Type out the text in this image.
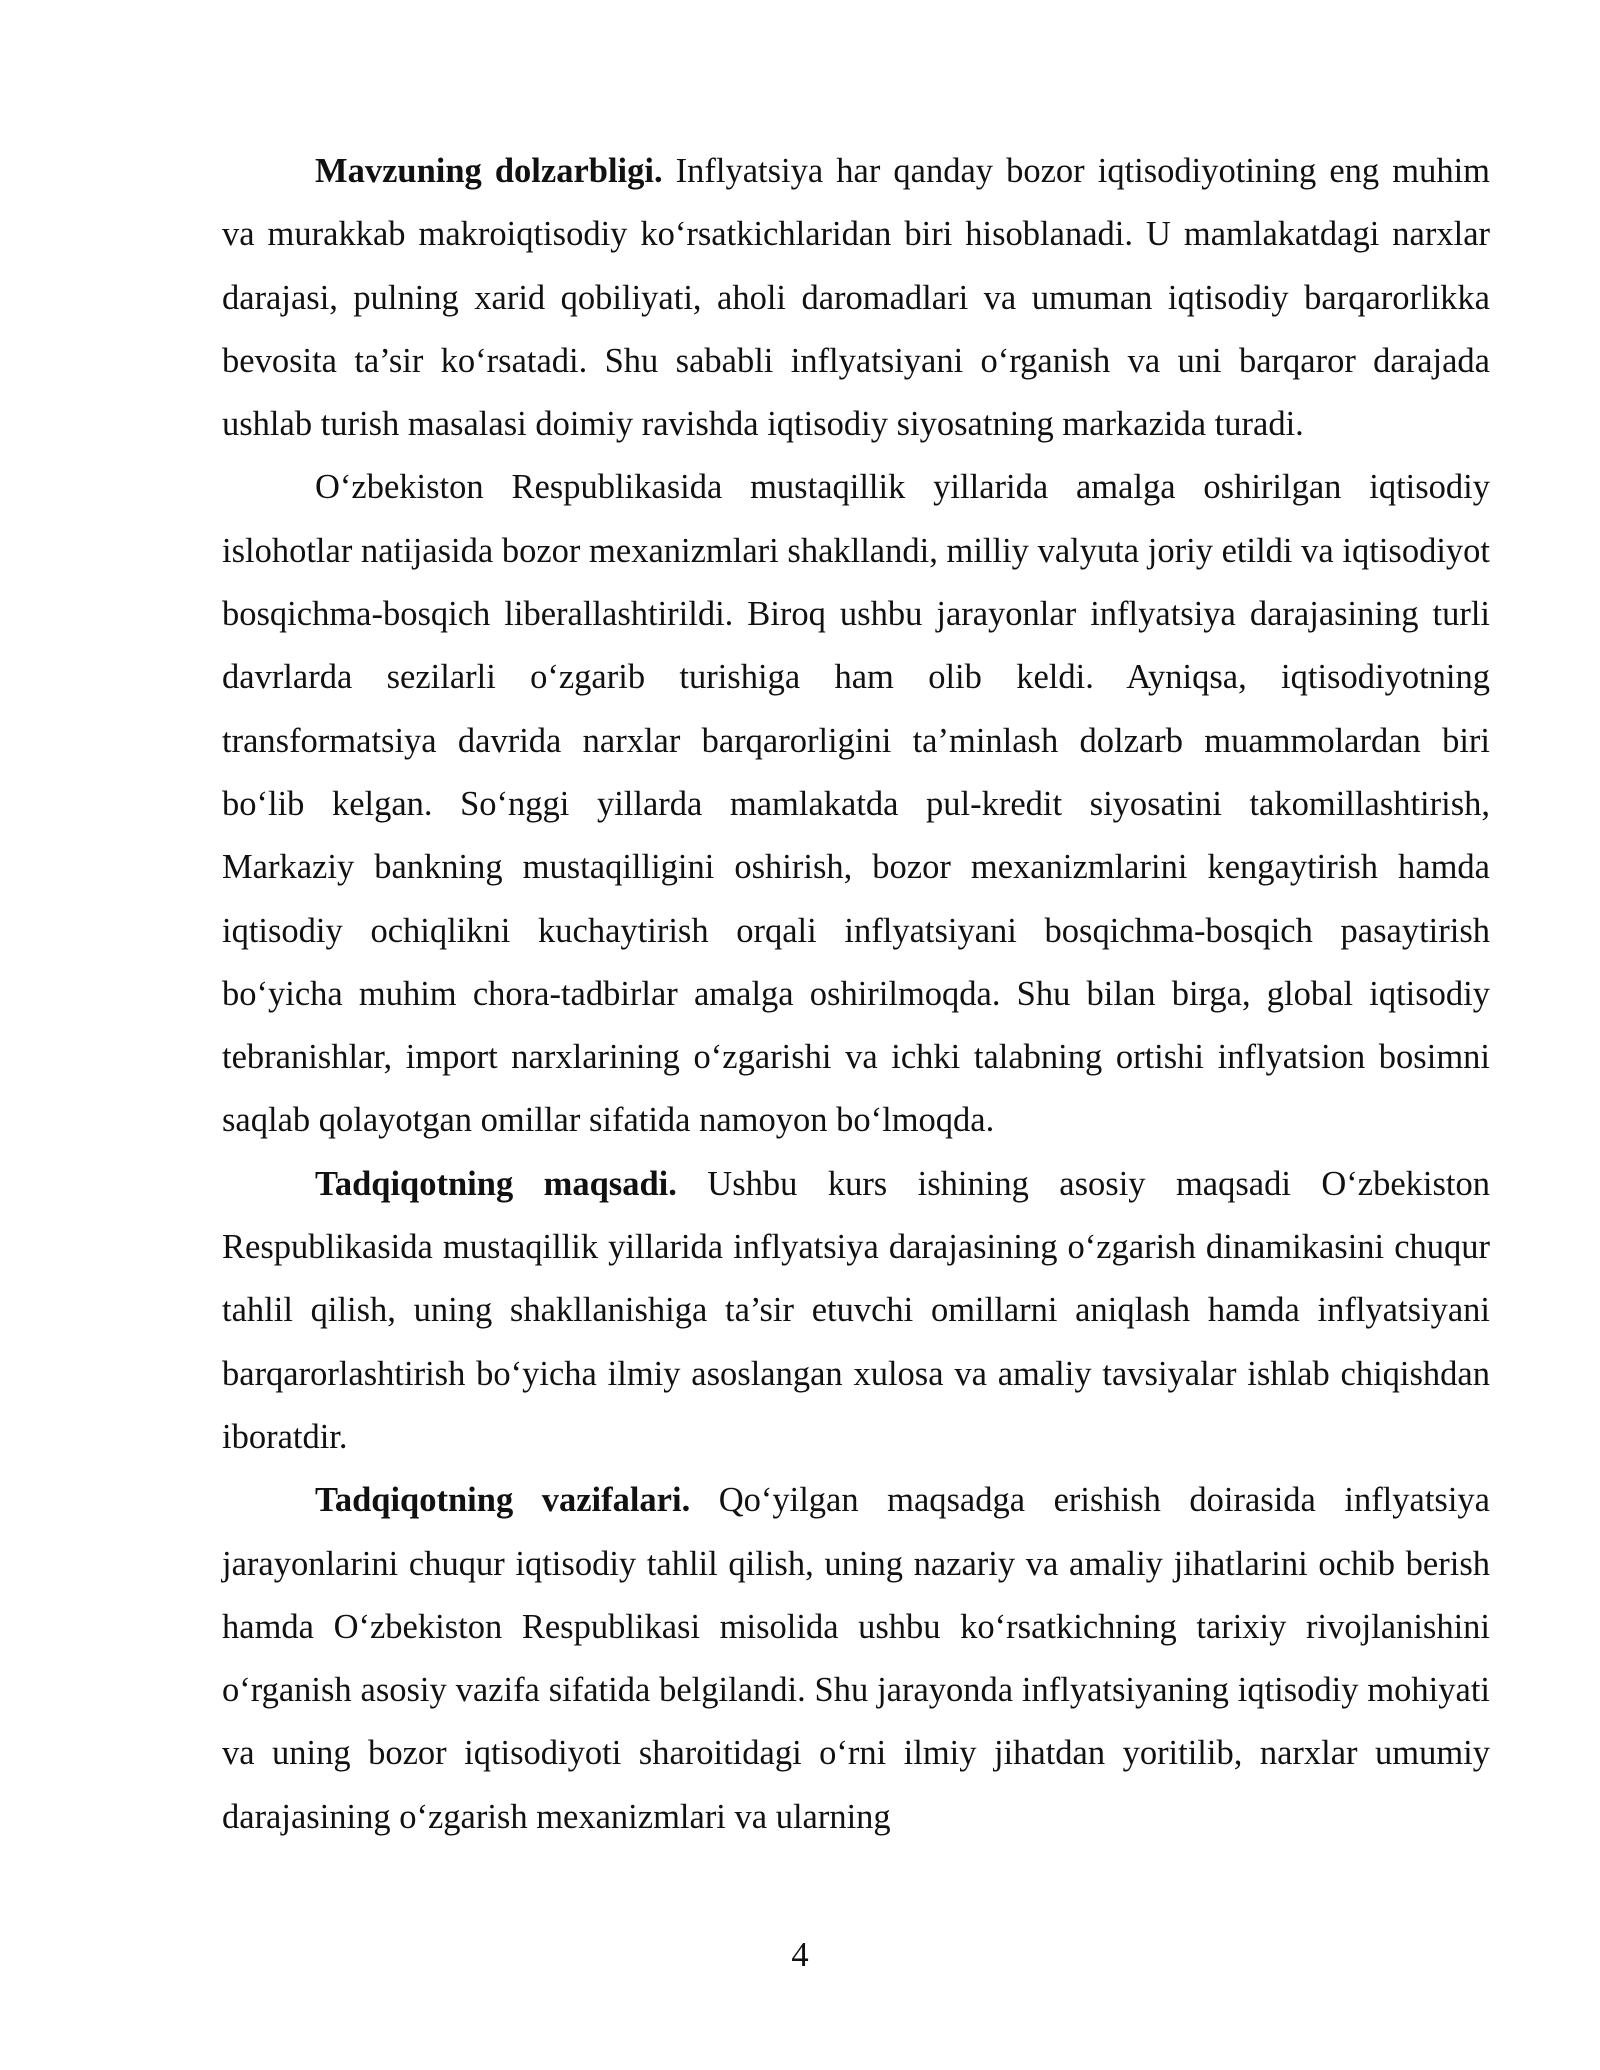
Mavzuning dolzarbligi. Inflyatsiya har qanday bozor iqtisodiyotining eng muhim va murakkab makroiqtisodiy ko‘rsatkichlaridan biri hisoblanadi. U mamlakatdagi narxlar darajasi, pulning xarid qobiliyati, aholi daromadlari va umuman iqtisodiy barqarorlikka bevosita ta’sir ko‘rsatadi. Shu sababli inflyatsiyani o‘rganish va uni barqaror darajada ushlab turish masalasi doimiy ravishda iqtisodiy siyosatning markazida turadi.

O‘zbekiston Respublikasida mustaqillik yillarida amalga oshirilgan iqtisodiy islohotlar natijasida bozor mexanizmlari shakllandi, milliy valyuta joriy etildi va iqtisodiyot bosqichma-bosqich liberallashtirildi. Biroq ushbu jarayonlar inflyatsiya darajasining turli davrlarda sezilarli o‘zgarib turishiga ham olib keldi. Ayniqsa, iqtisodiyotning transformatsiya davrida narxlar barqarorligini ta’minlash dolzarb muammolardan biri bo‘lib kelgan. So‘nggi yillarda mamlakatda pul-kredit siyosatini takomillashtirish, Markaziy bankning mustaqilligini oshirish, bozor mexanizmlarini kengaytirish hamda iqtisodiy ochiqlikni kuchaytirish orqali inflyatsiyani bosqichma-bosqich pasaytirish bo‘yicha muhim chora-tadbirlar amalga oshirilmoqda. Shu bilan birga, global iqtisodiy tebranishlar, import narxlarining o‘zgarishi va ichki talabning ortishi inflyatsion bosimni saqlab qolayotgan omillar sifatida namoyon bo‘lmoqda.

Tadqiqotning maqsadi. Ushbu kurs ishining asosiy maqsadi O‘zbekiston Respublikasida mustaqillik yillarida inflyatsiya darajasining o‘zgarish dinamikasini chuqur tahlil qilish, uning shakllanishiga ta’sir etuvchi omillarni aniqlash hamda inflyatsiyani barqarorlashtirish bo‘yicha ilmiy asoslangan xulosa va amaliy tavsiyalar ishlab chiqishdan iboratdir.

Tadqiqotning vazifalari. Qo‘yilgan maqsadga erishish doirasida inflyatsiya jarayonlarini chuqur iqtisodiy tahlil qilish, uning nazariy va amaliy jihatlarini ochib berish hamda O‘zbekiston Respublikasi misolida ushbu ko‘rsatkichning tarixiy rivojlanishini o‘rganish asosiy vazifa sifatida belgilandi. Shu jarayonda inflyatsiyaning iqtisodiy mohiyati va uning bozor iqtisodiyoti sharoitidagi o‘rni ilmiy jihatdan yoritilib, narxlar umumiy darajasining o‘zgarish mexanizmlari va ularning

4
